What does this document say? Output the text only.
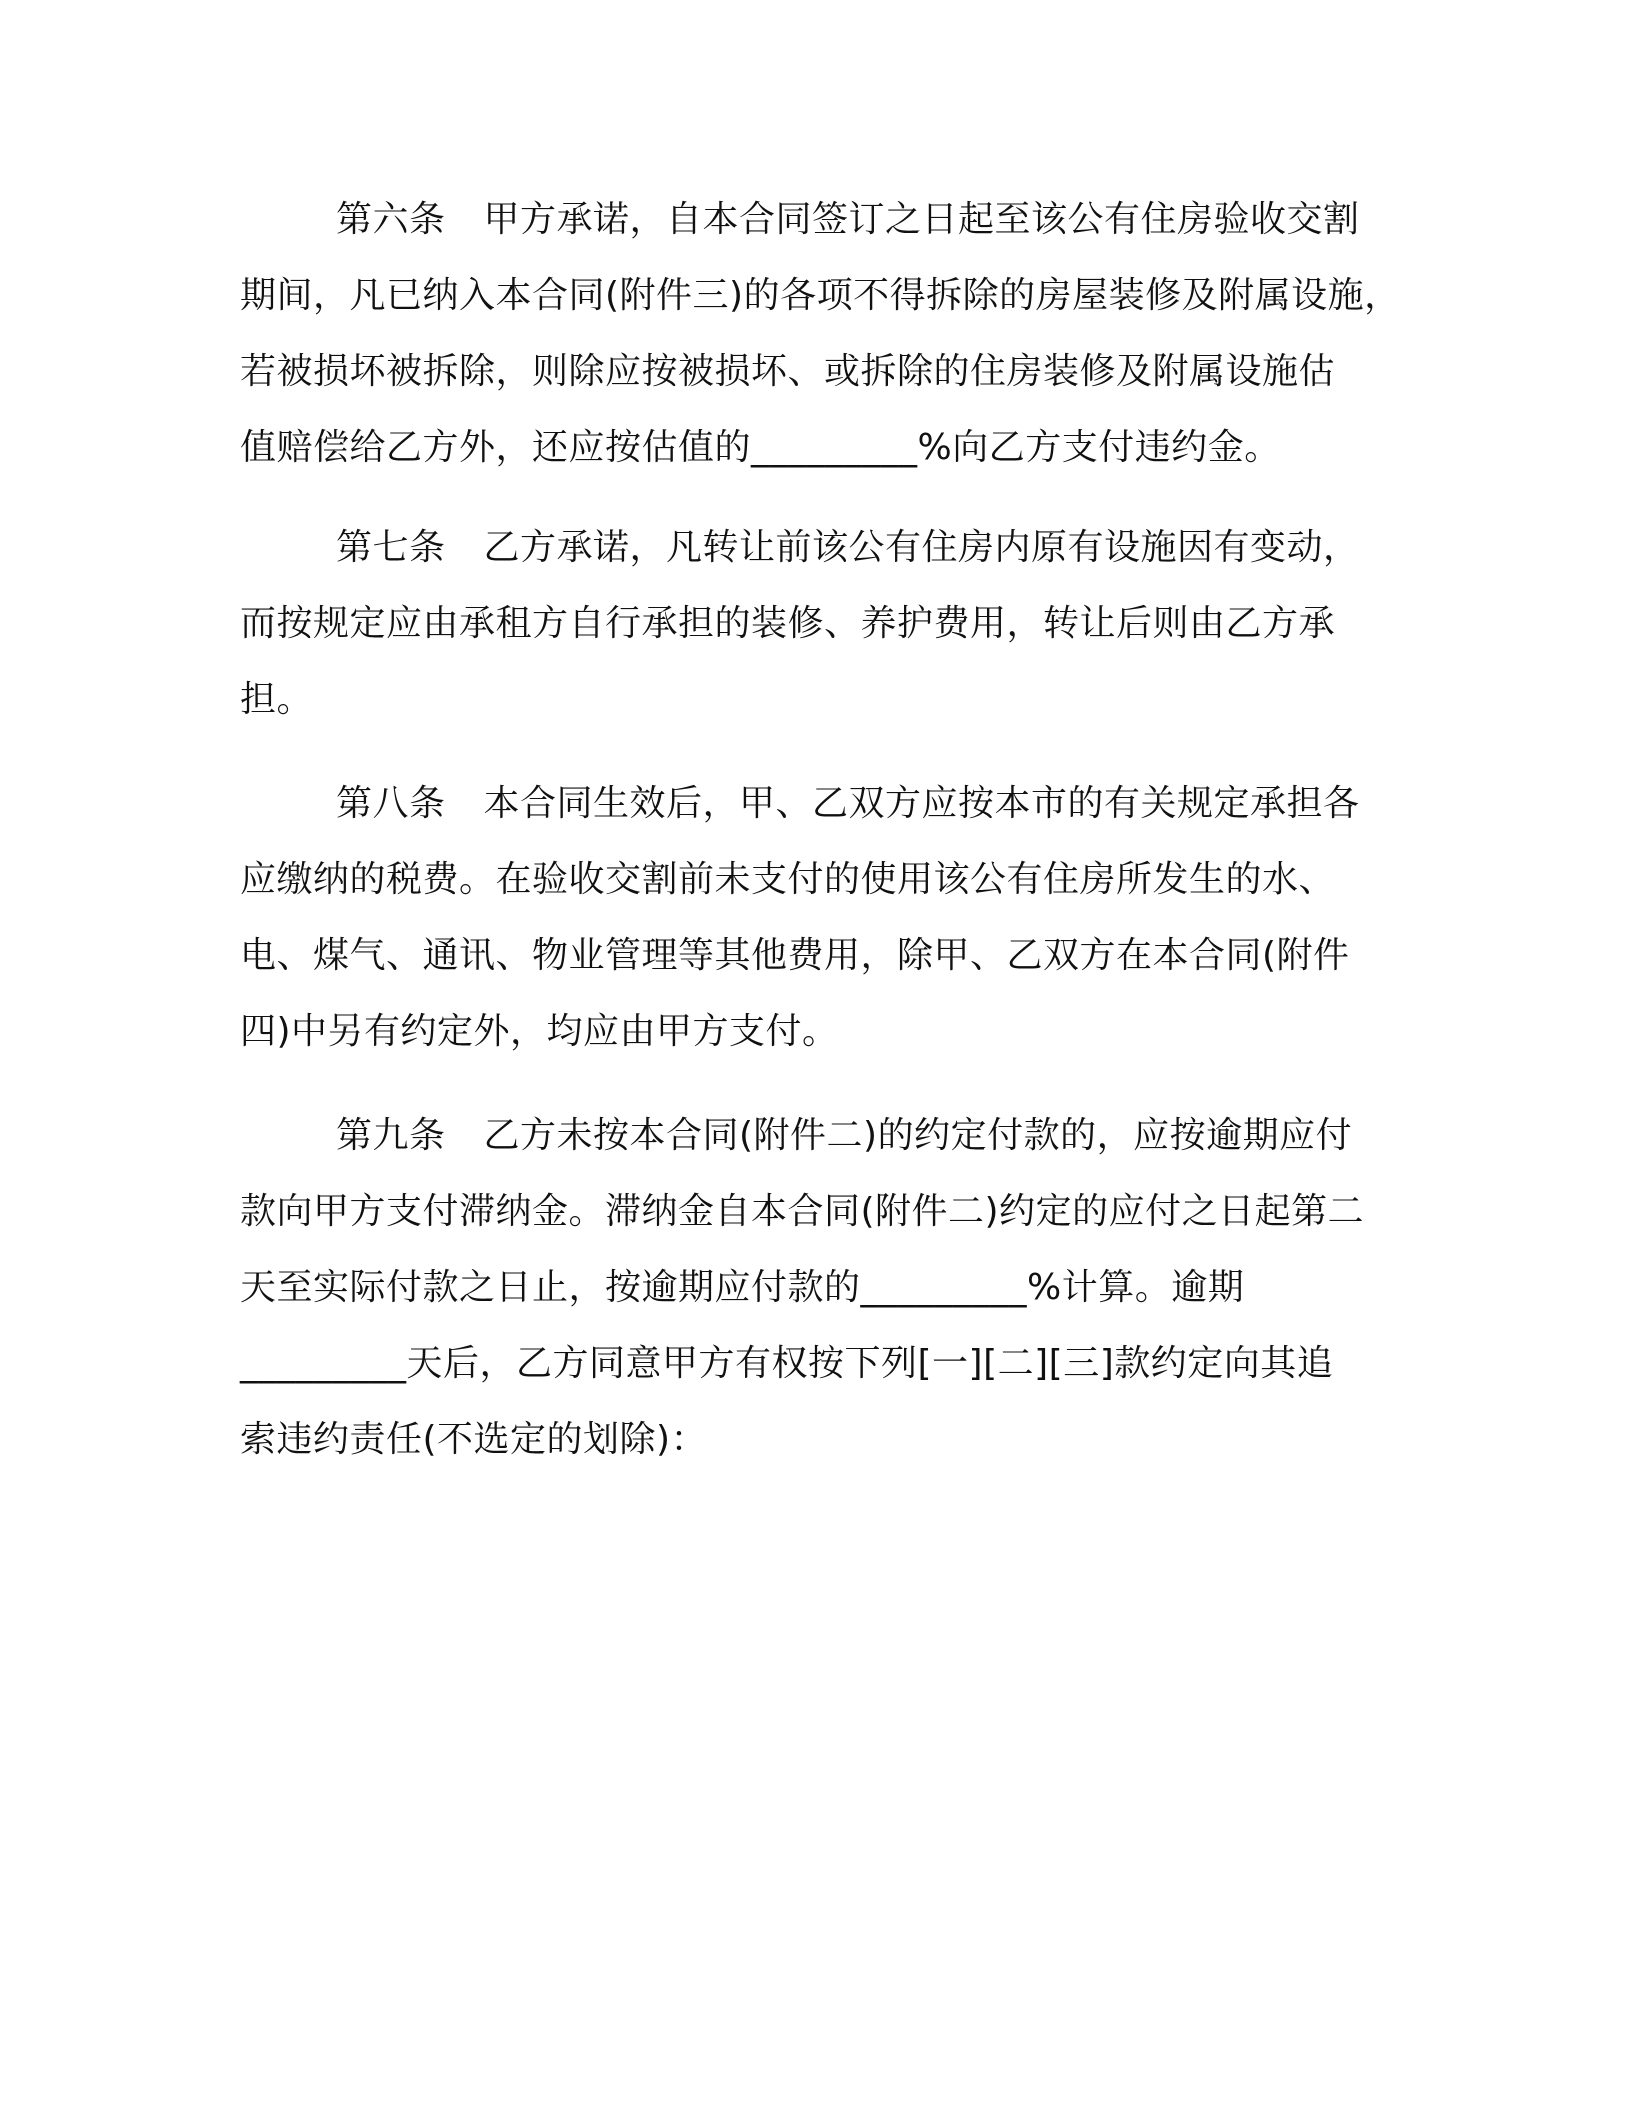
第六条 甲方承诺，自本合同签订之日起至该公有住房验收交割
期间，凡已纳入本合同(附件三)的各项不得拆除的房屋装修及附属设施，
若被损坏被拆除，则除应按被损坏、或拆除的住房装修及附属设施估
值赔偿给乙方外，还应按估值的_________%向乙方支付违约金。
第七条 乙方承诺，凡转让前该公有住房内原有设施因有变动，
而按规定应由承租方自行承担的装修、养护费用，转让后则由乙方承
担。
第八条 本合同生效后，甲、乙双方应按本市的有关规定承担各
应缴纳的税费。在验收交割前未支付的使用该公有住房所发生的水、
电、煤气、通讯、物业管理等其他费用，除甲、乙双方在本合同(附件
四)中另有约定外，均应由甲方支付。
第九条 乙方未按本合同(附件二)的约定付款的，应按逾期应付
款向甲方支付滞纳金。滞纳金自本合同(附件二)约定的应付之日起第二
天至实际付款之日止，按逾期应付款的_________%计算。逾期
_________天后，乙方同意甲方有权按下列[一][二][三]款约定向其追
索违约责任(不选定的划除)：
